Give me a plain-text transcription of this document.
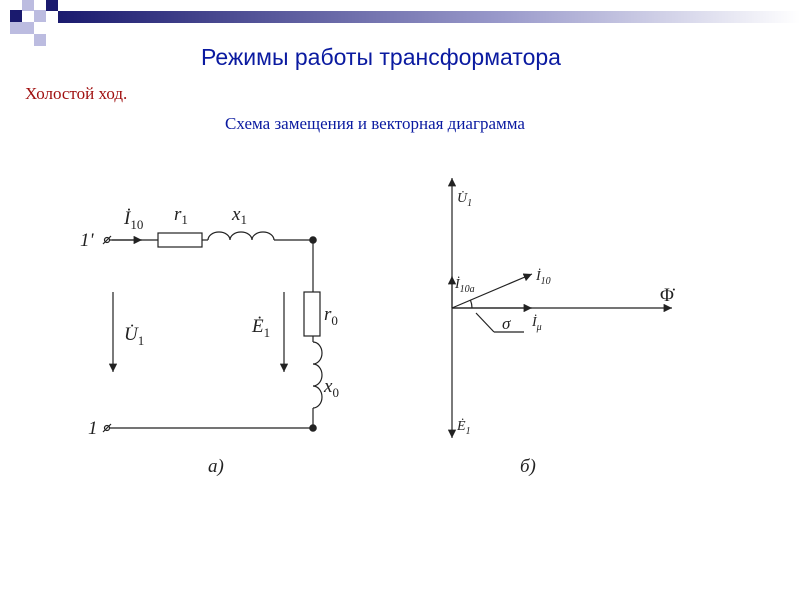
Режимы работы трансформатора
Холостой ход.
Схема замещения и векторная диаграмма
1'
1
$İ_{10}$ $r_1$ $x_1$
$U̇_1$
$Ė_1$
$r_0$
$x_0$
а)
$U̇_1$
$Ė_1$
$İ_{10a}$
$İ_{10}$
$İ_\mu$
σ
Φ̇
б)
